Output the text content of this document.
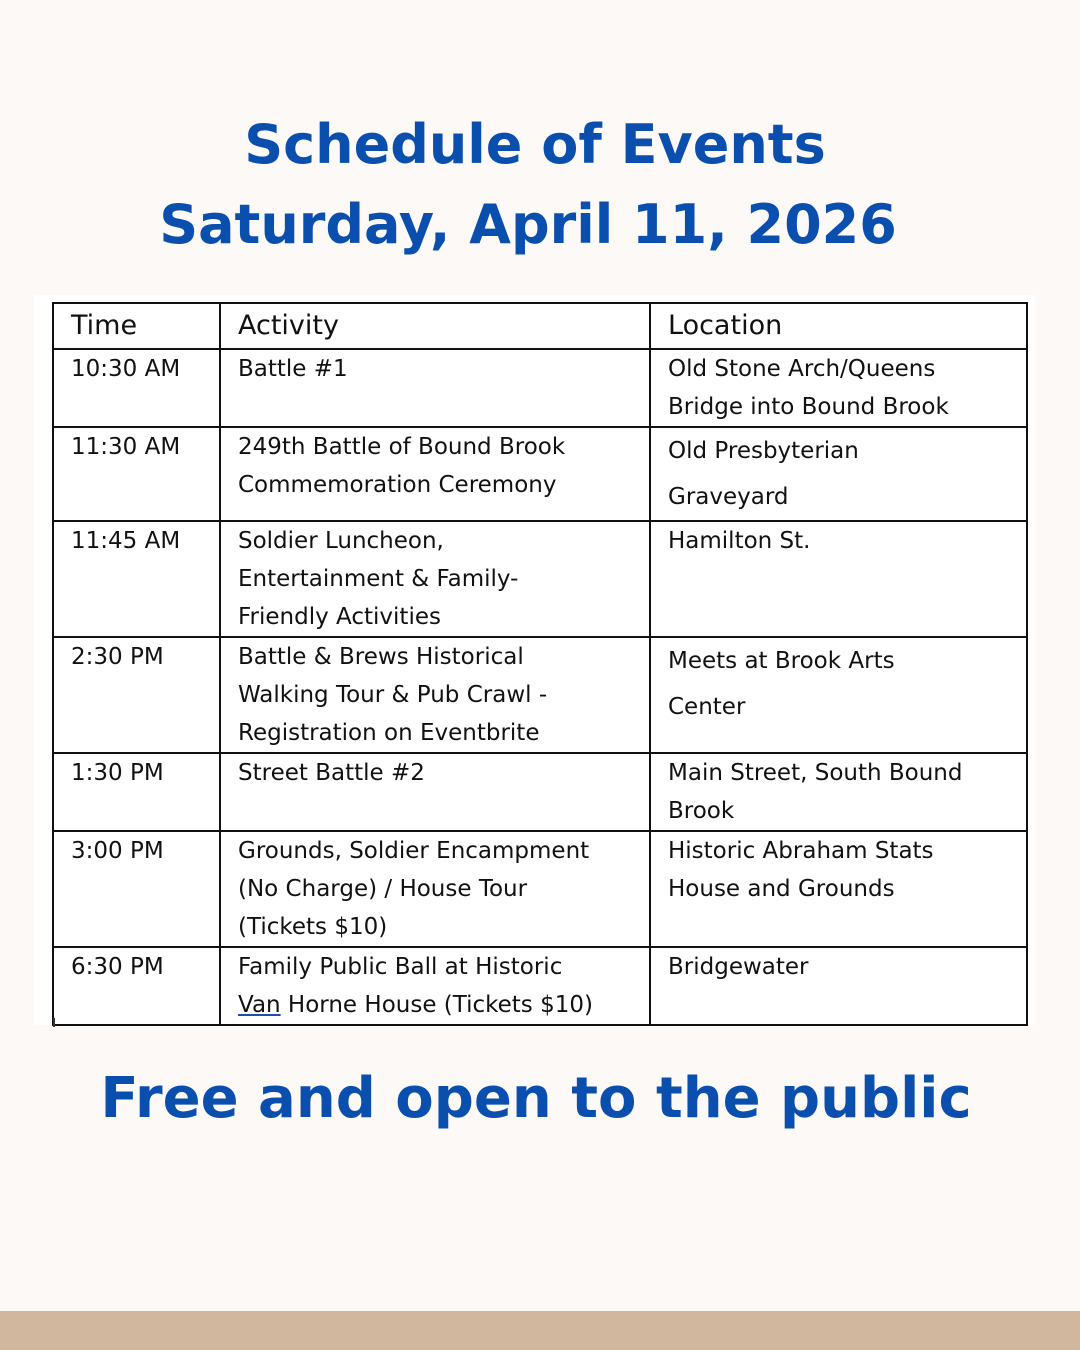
Schedule of Events
Saturday, April 11, 2026
Time	Activity	Location
10:30 AM	Battle #1	Old Stone Arch/Queens
Bridge into Bound Brook

11:30 AM	249th Battle of Bound Brook
Commemoration Ceremony	Old Presbyterian
Graveyard

11:45 AM	Soldier Luncheon,
Entertainment & Family-
Friendly Activities	Hamilton St.

2:30 PM	Battle & Brews Historical
Walking Tour & Pub Crawl -
Registration on Eventbrite	Meets at Brook Arts
Center

1:30 PM	Street Battle #2	Main Street, South Bound
Brook

3:00 PM	Grounds, Soldier Encampment
(No Charge) / House Tour
(Tickets $10)	Historic Abraham Stats
House and Grounds

6:30 PM	Family Public Ball at Historic
Van Horne House (Tickets $10)	Bridgewater

Free and open to the public
